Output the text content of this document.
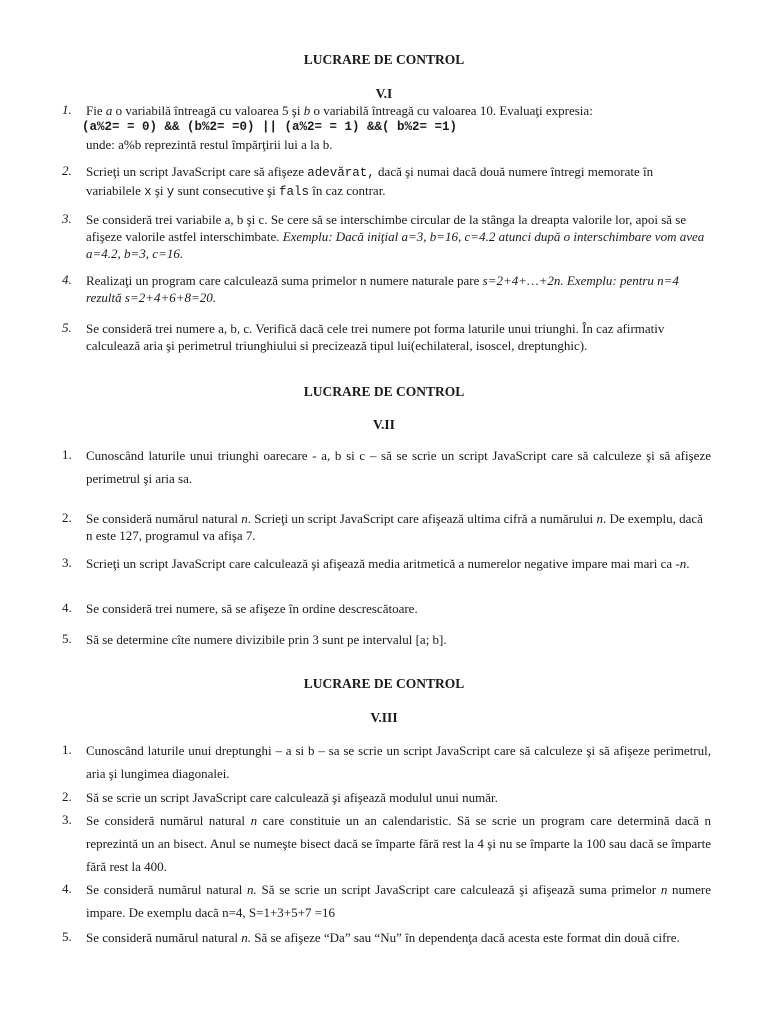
LUCRARE DE CONTROL
V.I
1. Fie a o variabilă întreagă cu valoarea 5 şi b o variabilă întreagă cu valoarea 10. Evaluaţi expresia:
(a%2= = 0) && (b%2= =0) || (a%2= = 1) &&( b%2= =1)
unde: a%b reprezintă restul împărţirii lui a la b.
2. Scrieţi un script JavaScript care să afişeze adevărat, dacă şi numai dacă două numere întregi memorate în variabilele x şi y sunt consecutive şi fals în caz contrar.
3. Se consideră trei variabile a, b şi c. Se cere să se interschimbe circular de la stânga la dreapta valorile lor, apoi să se afişeze valorile astfel interschimbate. Exemplu: Dacă iniţial a=3, b=16, c=4.2 atunci după o interschimbare vom avea a=4.2, b=3, c=16.
4. Realizaţi un program care calculează suma primelor n numere naturale pare s=2+4+…+2n. Exemplu: pentru n=4 rezultă s=2+4+6+8=20.
5. Se consideră trei numere a, b, c. Verifică dacă cele trei numere pot forma laturile unui triunghi. În caz afirmativ calculează aria şi perimetrul triunghiului si precizează tipul lui(echilateral, isoscel, dreptunghic).
LUCRARE DE CONTROL
V.II
1. Cunoscând laturile unui triunghi oarecare - a, b si c – să se scrie un script JavaScript care să calculeze şi să afişeze perimetrul şi aria sa.
2. Se consideră numărul natural n. Scrieţi un script JavaScript care afişează ultima cifră a numărului n. De exemplu, dacă n este 127, programul va afişa 7.
3. Scrieţi un script JavaScript care calculează şi afişează media aritmetică a numerelor negative impare mai mari ca -n.
4. Se consideră trei numere, să se afişeze în ordine descrescătoare.
5. Să se determine cîte numere divizibile prin 3 sunt pe intervalul [a; b].
LUCRARE DE CONTROL
V.III
1. Cunoscând laturile unui dreptunghi – a si b – sa se scrie un script JavaScript care să calculeze şi să afişeze perimetrul, aria şi lungimea diagonalei.
2. Să se scrie un script JavaScript care calculează şi afişează modulul unui număr.
3. Se consideră numărul natural n care constituie un an calendaristic. Să se scrie un program care determină dacă n reprezintă un an bisect. Anul se numeşte bisect dacă se împarte fără rest la 4 şi nu se împarte la 100 sau dacă se împarte fără rest la 400.
4. Se consideră numărul natural n. Să se scrie un script JavaScript care calculează şi afişează suma primelor n numere impare. De exemplu dacă n=4, S=1+3+5+7 =16
5. Se consideră numărul natural n. Să se afişeze “Da” sau “Nu” în dependenţa dacă acesta este format din două cifre.
